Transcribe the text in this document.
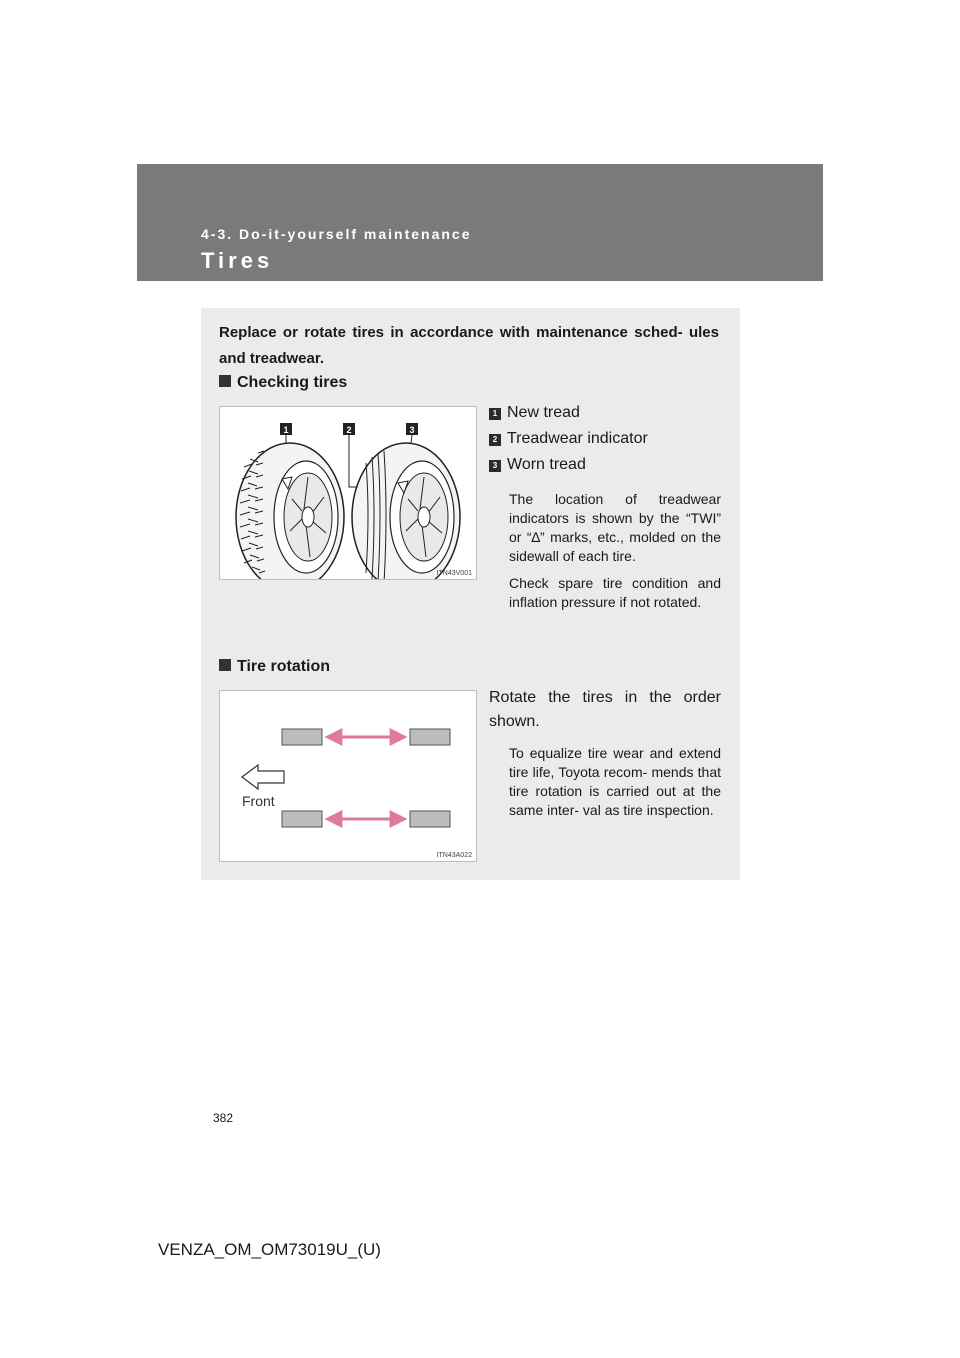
4-3. Do-it-yourself maintenance
Tires
Replace or rotate tires in accordance with maintenance sched- ules and treadwear.
Checking tires
1	2	3
ITN43V001
1 New tread
2 Treadwear indicator
3 Worn tread
The location of treadwear indicators is shown by the “TWI” or “∆” marks, etc., molded on the sidewall of each tire.
Check spare tire condition and inflation pressure if not rotated.
Tire rotation
Front
ITN43A022
Rotate the tires in the order shown.
To equalize tire wear and extend tire life, Toyota recom- mends that tire rotation is carried out at the same inter- val as tire inspection.
382
VENZA_OM_OM73019U_(U)
